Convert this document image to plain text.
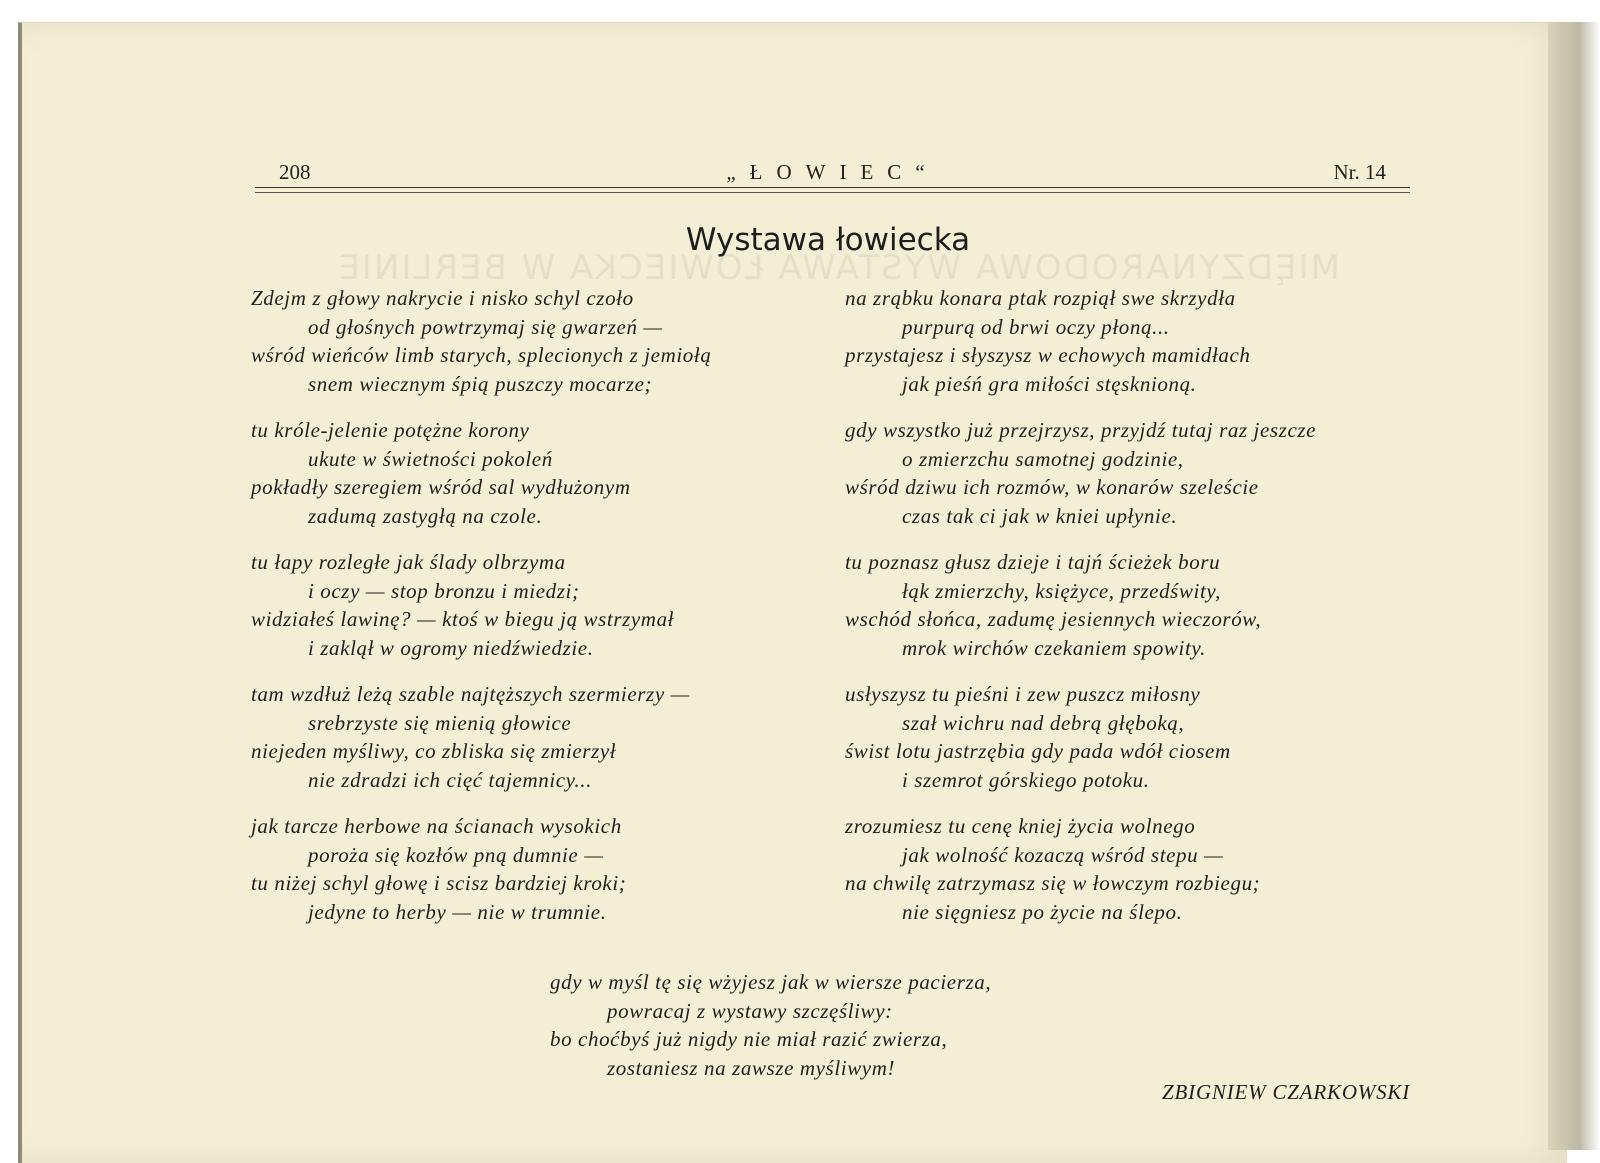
MIĘDZYNARODOWA WYSTAWA ŁOWIECKA W BERLINIE
208	„ŁOWIEC“	Nr. 14
Wystawa łowiecka
Zdejm z głowy nakrycie i nisko schyl czoło
od głośnych powtrzymaj się gwarzeń —
wśród wieńców limb starych, splecionych z jemiołą
snem wiecznym śpią puszczy mocarze;
tu króle-jelenie potężne korony
ukute w świetności pokoleń
pokładły szeregiem wśród sal wydłużonym
zadumą zastygłą na czole.
tu łapy rozległe jak ślady olbrzyma
i oczy — stop bronzu i miedzi;
widziałeś lawinę? — ktoś w biegu ją wstrzymał
i zaklął w ogromy niedźwiedzie.
tam wzdłuż leżą szable najtęższych szermierzy —
srebrzyste się mienią głowice
niejeden myśliwy, co zbliska się zmierzył
nie zdradzi ich cięć tajemnicy...
jak tarcze herbowe na ścianach wysokich
poroża się kozłów pną dumnie —
tu niżej schyl głowę i scisz bardziej kroki;
jedyne to herby — nie w trumnie.
na zrąbku konara ptak rozpiął swe skrzydła
purpurą od brwi oczy płoną...
przystajesz i słyszysz w echowych mamidłach
jak pieśń gra miłości stęsknioną.
gdy wszystko już przejrzysz, przyjdź tutaj raz jeszcze
o zmierzchu samotnej godzinie,
wśród dziwu ich rozmów, w konarów szeleście
czas tak ci jak w kniei upłynie.
tu poznasz głusz dzieje i tajń ścieżek boru
łąk zmierzchy, księżyce, przedświty,
wschód słońca, zadumę jesiennych wieczorów,
mrok wirchów czekaniem spowity.
usłyszysz tu pieśni i zew puszcz miłosny
szał wichru nad debrą głęboką,
świst lotu jastrzębia gdy pada wdół ciosem
i szemrot górskiego potoku.
zrozumiesz tu cenę kniej życia wolnego
jak wolność kozaczą wśród stepu —
na chwilę zatrzymasz się w łowczym rozbiegu;
nie sięgniesz po życie na ślepo.
gdy w myśl tę się wżyjesz jak w wiersze pacierza,
powracaj z wystawy szczęśliwy:
bo choćbyś już nigdy nie miał razić zwierza,
zostaniesz na zawsze myśliwym!
ZBIGNIEW CZARKOWSKI
